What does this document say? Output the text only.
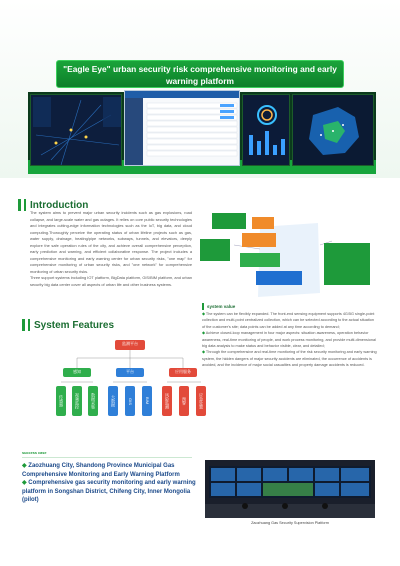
"Eagle Eye" urban security risk comprehensive monitoring and early warning platform
Introduction

The system aims to prevent major urban security incidents such as gas explosions, road collapse, and large-scale water and gas outages. It relies on core public security technologies and integrates cutting-edge information technologies such as the IoT, big data, and cloud computing.Thoroughly perceive the operating status of urban lifeline projects such as gas, water supply, drainage, heating/pipe networks, subways, tunnels, and elevators, deeply explore the safe operation rules of the city, and achieve overall comprehensive perception, early prediction and warning, and efficient collaborative response. The project includes a comprehensive monitoring and early warning center for urban security risks, "one map" for comprehensive monitoring of urban security risks, and "one network" for comprehensive monitoring of urban security risks.

Three support systems including IOT platform, BigData platform, GIS/BIM platform, and urban security big data center cover all aspects of urban life and other business systems.

System Features
监测平台
感知	平台	应用服务
传感器	视频监控	数据采集	大数据	GIS	BIM	风险监测	预警	应急处置
system value

◆ The system can be flexibly expanded. The front-end sensing equipment supports 4G/5G single-point collection and multi-point centralized collection, which can be selected according to the actual situation of the customer's site; data points can be added at any time according to demand;

◆ Achieve closed-loop management in four major aspects: situation awareness, operation behavior awareness, real-time monitoring of people, and work process monitoring, and provide multi-dimensional big data analysis to make status and behavior visible, clear, and detailed;

◆ Through the comprehensive and real-time monitoring of the risk security monitoring and early warning system, the hidden dangers of major security accidents are eliminated, the occurrence of accidents is avoided, and the incidence of major social casualties and property damage accidents is reduced.

success case

◆ Zaozhuang City, Shandong Province Municipal Gas Comprehensive Monitoring and Early Warning Platform

◆ Comprehensive gas security monitoring and early warning platform in Songshan District, Chifeng City, Inner Mongolia (pilot)

Zaozhuang Gas Security Supervision Platform
